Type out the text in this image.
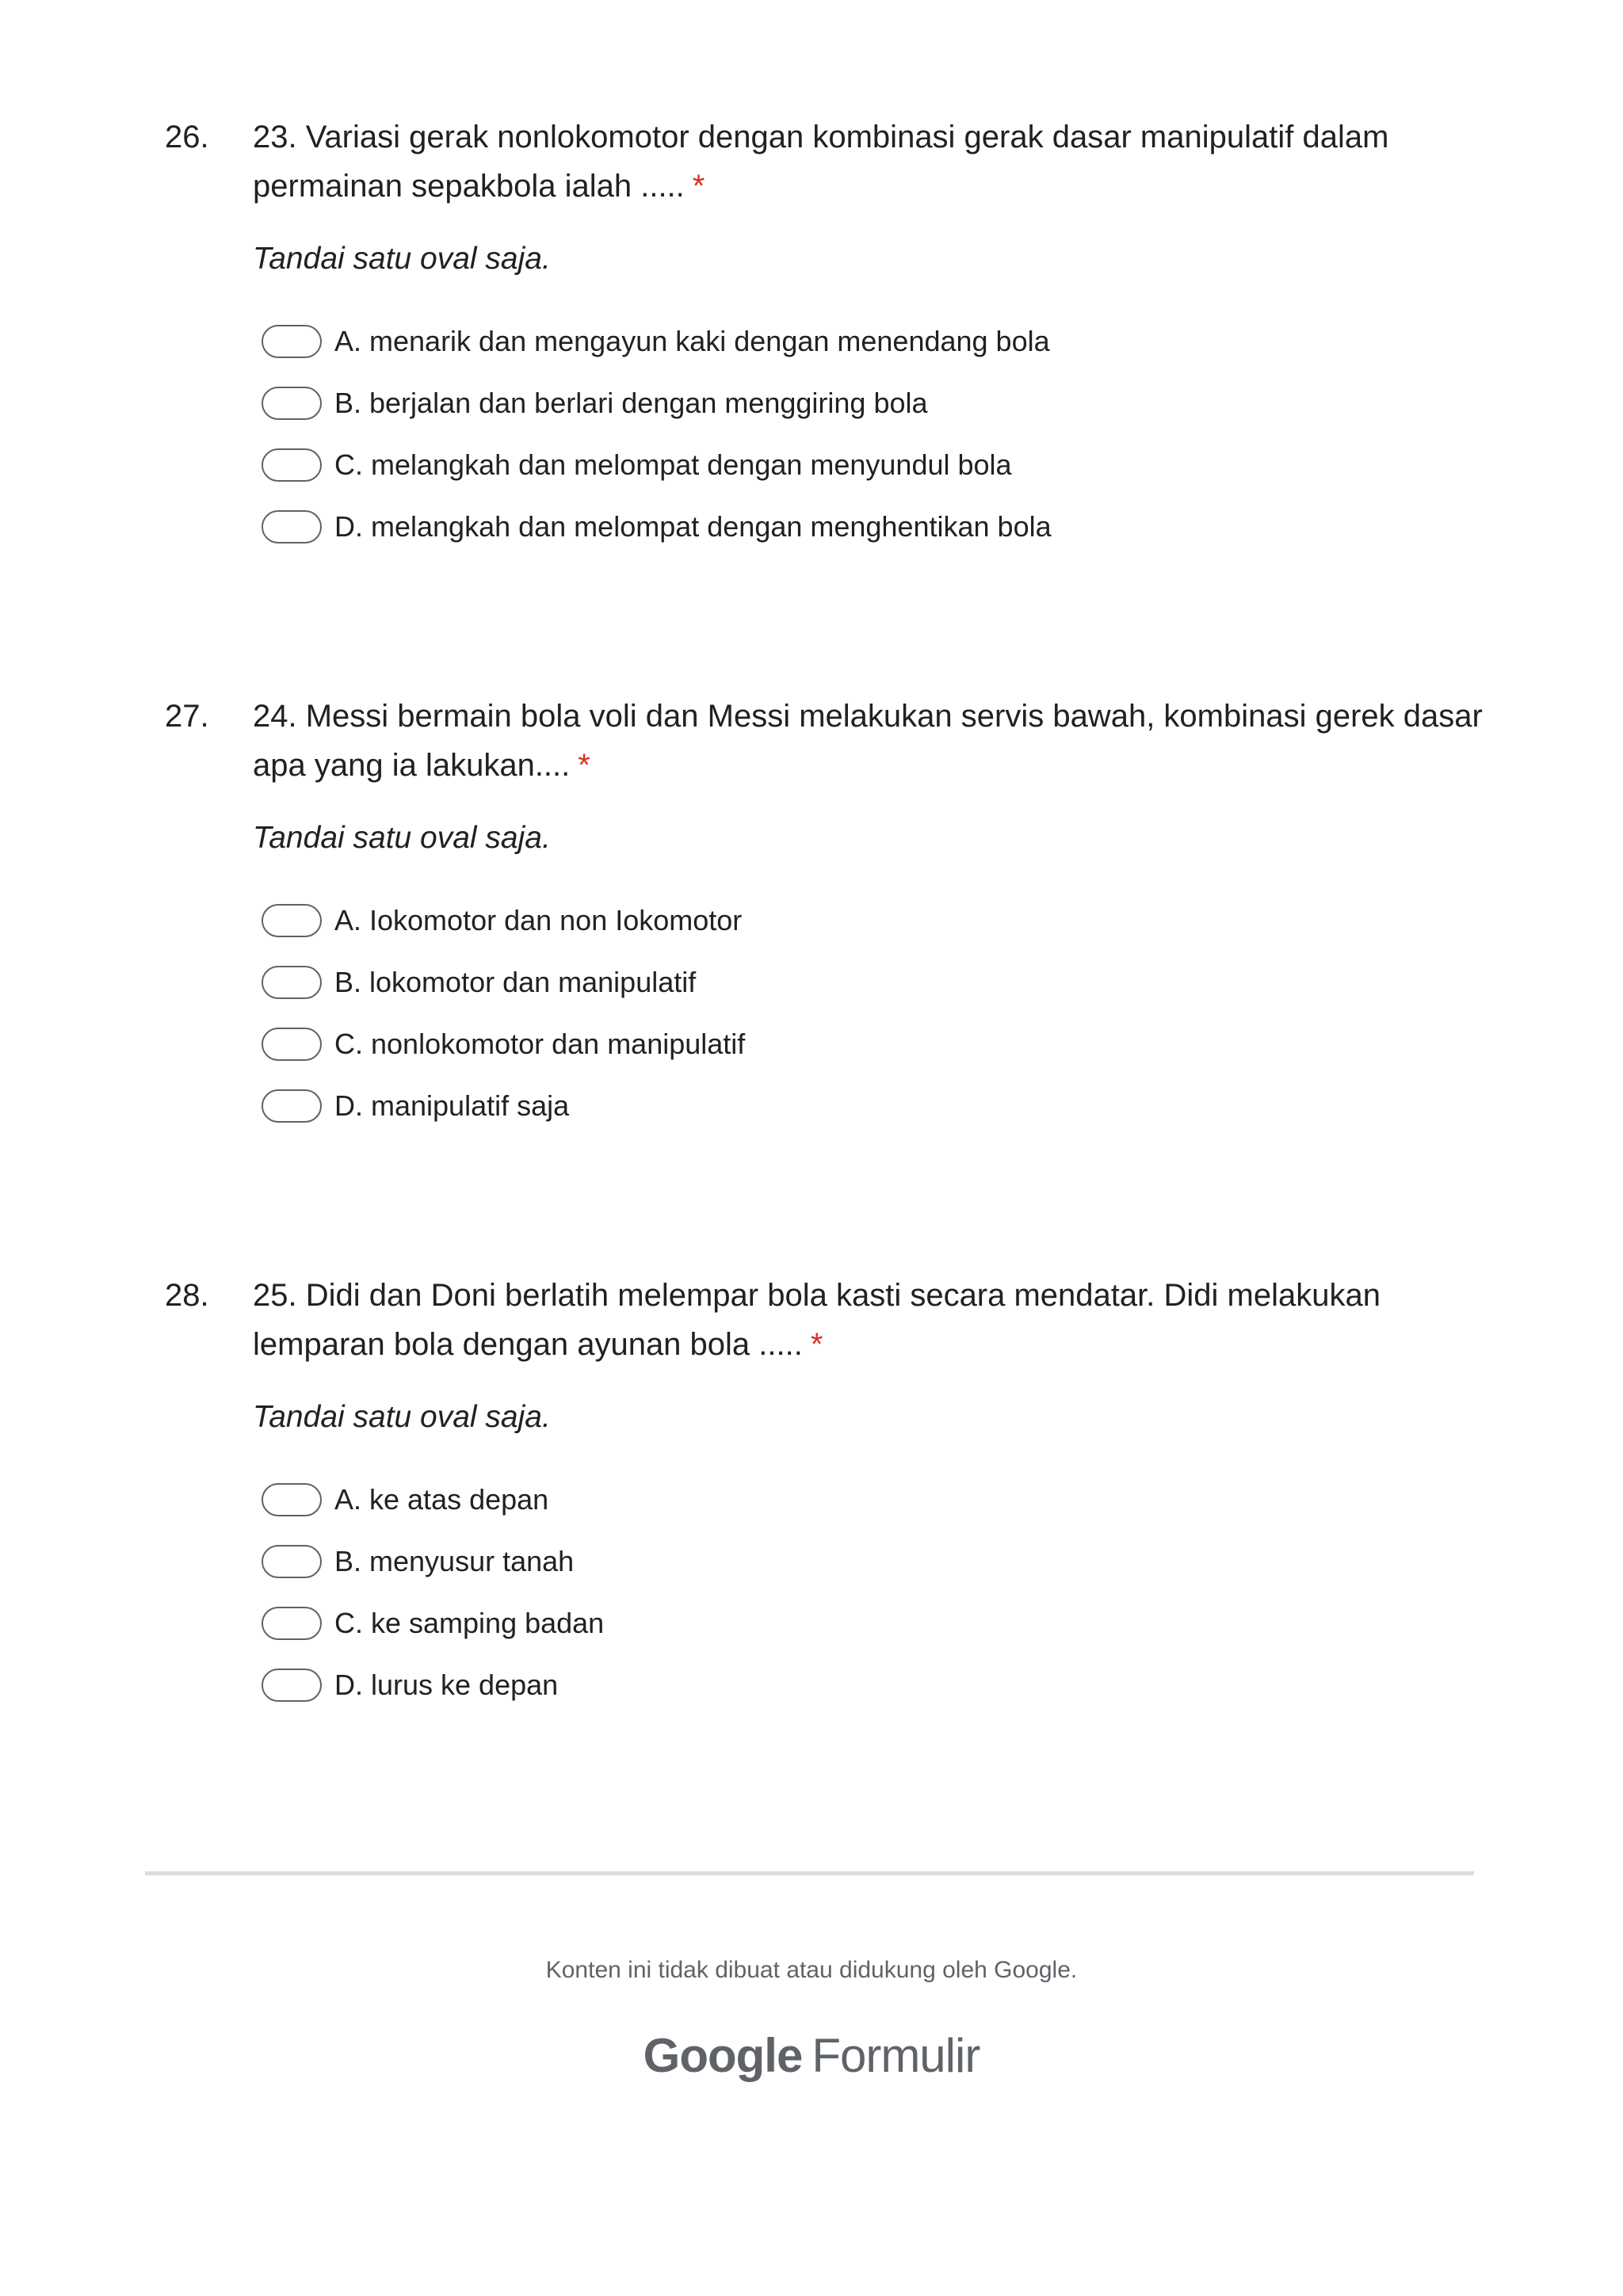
26. 23. Variasi gerak nonlokomotor dengan kombinasi gerak dasar manipulatif dalam permainan sepakbola ialah ..... *
Tandai satu oval saja.
A. menarik dan mengayun kaki dengan menendang bola
B. berjalan dan berlari dengan menggiring bola
C. melangkah dan melompat dengan menyundul bola
D. melangkah dan melompat dengan menghentikan bola
27. 24. Messi bermain bola voli dan Messi melakukan servis bawah, kombinasi gerek dasar apa yang ia lakukan.... *
Tandai satu oval saja.
A. Iokomotor dan non Iokomotor
B. lokomotor dan manipulatif
C. nonlokomotor dan manipulatif
D. manipulatif saja
28. 25. Didi dan Doni berlatih melempar bola kasti secara mendatar. Didi melakukan lemparan bola dengan ayunan bola ..... *
Tandai satu oval saja.
A. ke atas depan
B. menyusur tanah
C. ke samping badan
D. lurus ke depan
Konten ini tidak dibuat atau didukung oleh Google.
Google Formulir
